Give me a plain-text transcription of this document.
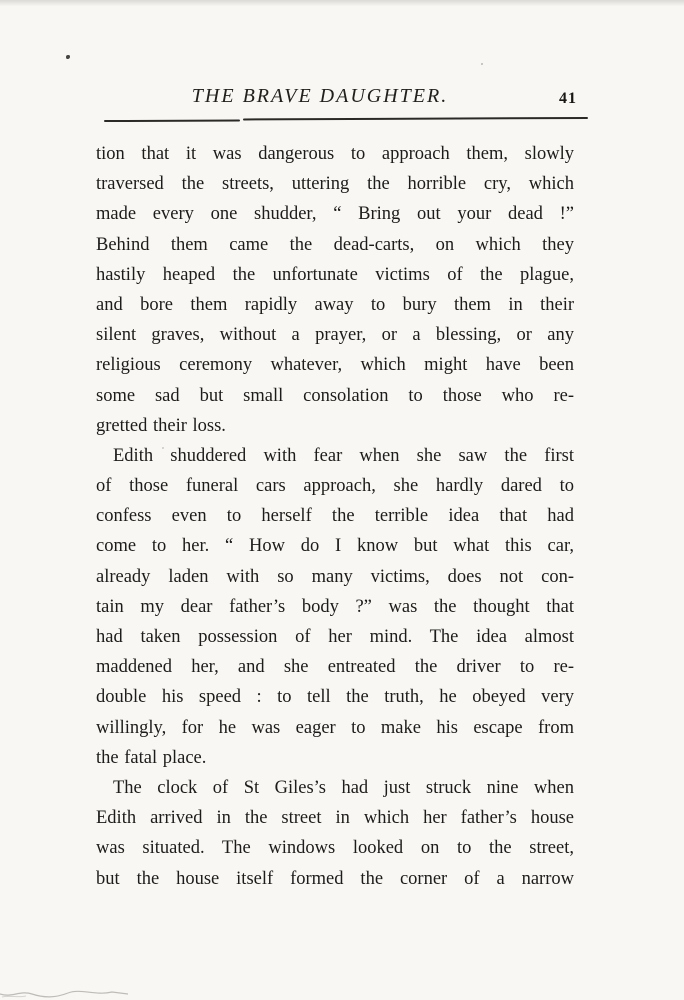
THE BRAVE DAUGHTER.	41
tion that it was dangerous to approach them, slowly
traversed the streets, uttering the horrible cry, which
made every one shudder, “ Bring out your dead !”
Behind them came the dead-carts, on which they
hastily heaped the unfortunate victims of the plague,
and bore them rapidly away to bury them in their
silent graves, without a prayer, or a blessing, or any
religious ceremony whatever, which might have been
some sad but small consolation to those who re-
gretted their loss.
Edith shuddered with fear when she saw the first
of those funeral cars approach, she hardly dared to
confess even to herself the terrible idea that had
come to her. “ How do I know but what this car,
already laden with so many victims, does not con-
tain my dear father’s body ?” was the thought that
had taken possession of her mind. The idea almost
maddened her, and she entreated the driver to re-
double his speed : to tell the truth, he obeyed very
willingly, for he was eager to make his escape from
the fatal place.
The clock of St Giles’s had just struck nine when
Edith arrived in the street in which her father’s house
was situated. The windows looked on to the street,
but the house itself formed the corner of a narrow
